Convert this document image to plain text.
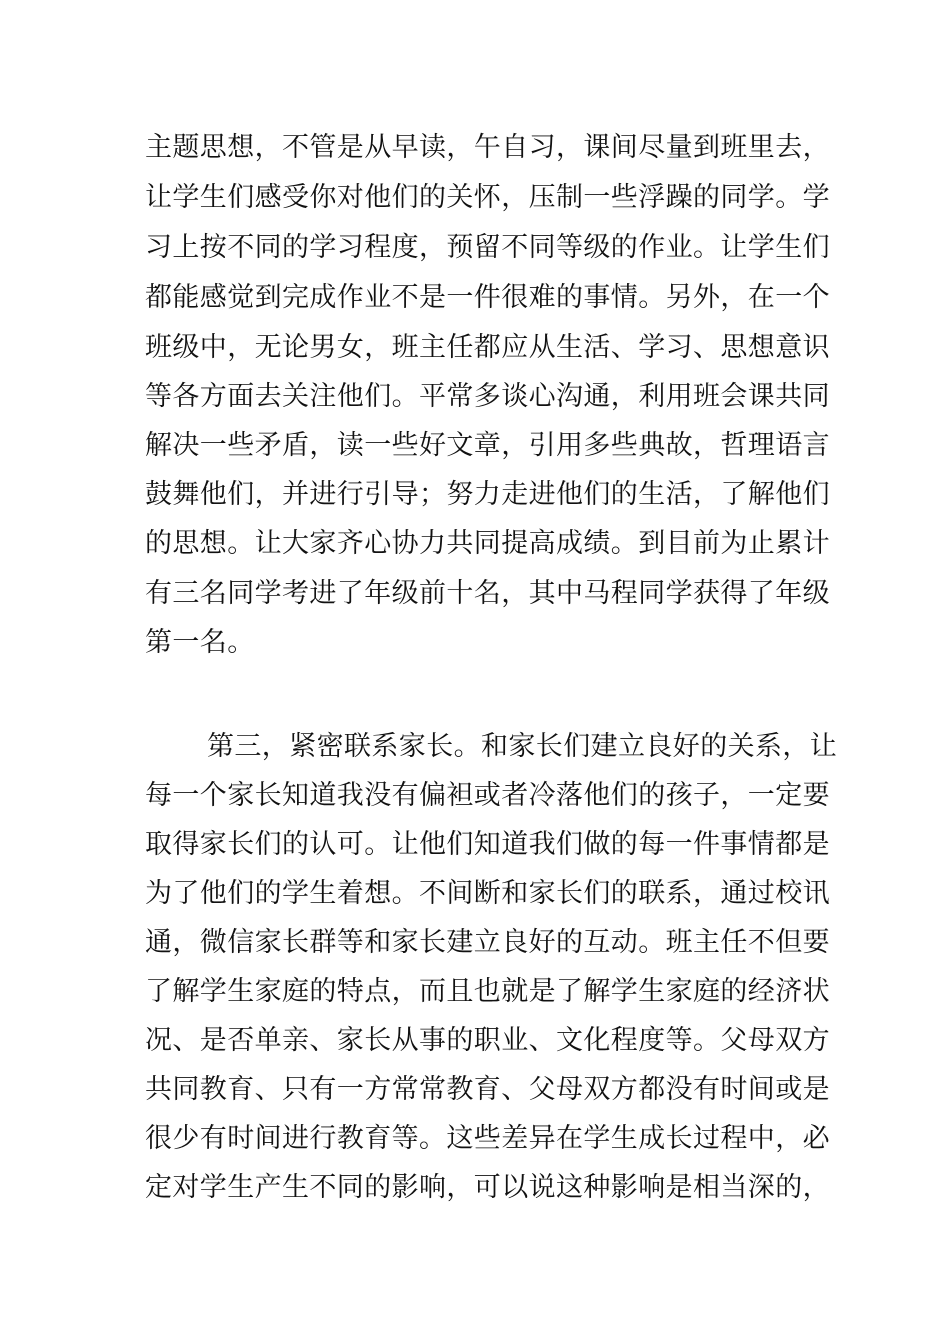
主题思想，不管是从早读，午自习，课间尽量到班里去，
让学生们感受你对他们的关怀，压制一些浮躁的同学。学
习上按不同的学习程度，预留不同等级的作业。让学生们
都能感觉到完成作业不是一件很难的事情。另外，在一个
班级中，无论男女，班主任都应从生活、学习、思想意识
等各方面去关注他们。平常多谈心沟通，利用班会课共同
解决一些矛盾，读一些好文章，引用多些典故，哲理语言
鼓舞他们，并进行引导；努力走进他们的生活，了解他们
的思想。让大家齐心协力共同提高成绩。到目前为止累计
有三名同学考进了年级前十名，其中马程同学获得了年级
第一名。
第三，紧密联系家长。和家长们建立良好的关系，让
每一个家长知道我没有偏袒或者冷落他们的孩子，一定要
取得家长们的认可。让他们知道我们做的每一件事情都是
为了他们的学生着想。不间断和家长们的联系，通过校讯
通，微信家长群等和家长建立良好的互动。班主任不但要
了解学生家庭的特点，而且也就是了解学生家庭的经济状
况、是否单亲、家长从事的职业、文化程度等。父母双方
共同教育、只有一方常常教育、父母双方都没有时间或是
很少有时间进行教育等。这些差异在学生成长过程中，必
定对学生产生不同的影响，可以说这种影响是相当深的，
